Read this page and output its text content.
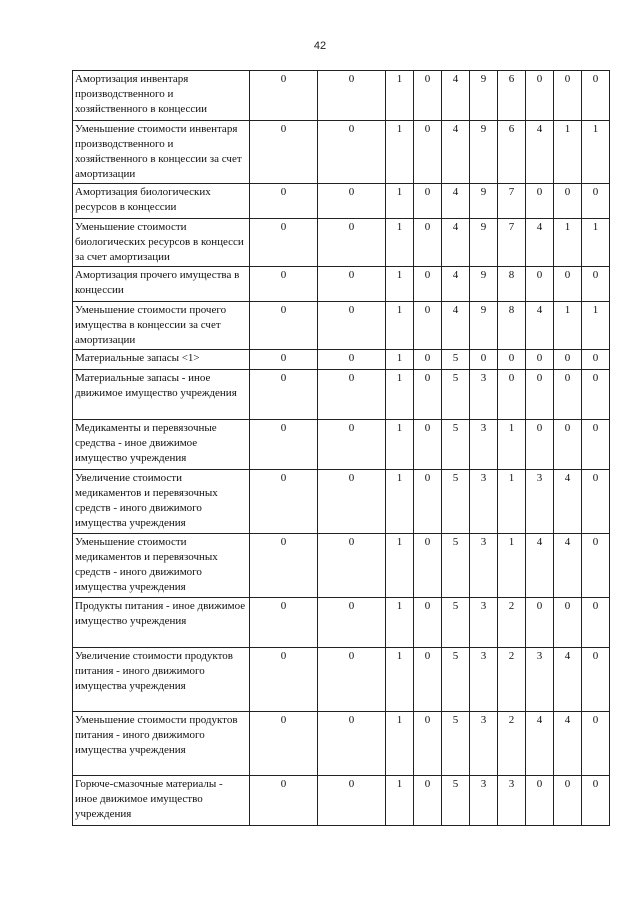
42
Амортизация инвентаря производственного и хозяйственного в концессии	0	0	1	0	4	9	6	0	0	0
Уменьшение стоимости инвентаря производственного и хозяйственного в концессии за счет амортизации	0	0	1	0	4	9	6	4	1	1
Амортизация биологических ресурсов в концессии	0	0	1	0	4	9	7	0	0	0
Уменьшение стоимости биологических ресурсов в концесси за счет амортизации	0	0	1	0	4	9	7	4	1	1
Амортизация прочего имущества в концессии	0	0	1	0	4	9	8	0	0	0
Уменьшение стоимости прочего имущества в концессии за счет амортизации	0	0	1	0	4	9	8	4	1	1
Материальные запасы <1>	0	0	1	0	5	0	0	0	0	0
Материальные запасы - иное движимое имущество учреждения	0	0	1	0	5	3	0	0	0	0
Медикаменты и перевязочные средства - иное движимое имущество учреждения	0	0	1	0	5	3	1	0	0	0
Увеличение стоимости медикаментов и перевязочных средств - иного движимого имущества учреждения	0	0	1	0	5	3	1	3	4	0
Уменьшение стоимости медикаментов и перевязочных средств - иного движимого имущества учреждения	0	0	1	0	5	3	1	4	4	0
Продукты питания - иное движимое имущество учреждения	0	0	1	0	5	3	2	0	0	0
Увеличение стоимости продуктов питания - иного движимого имущества учреждения	0	0	1	0	5	3	2	3	4	0
Уменьшение стоимости продуктов питания - иного движимого имущества учреждения	0	0	1	0	5	3	2	4	4	0
Горюче-смазочные материалы - иное движимое имущество учреждения	0	0	1	0	5	3	3	0	0	0
